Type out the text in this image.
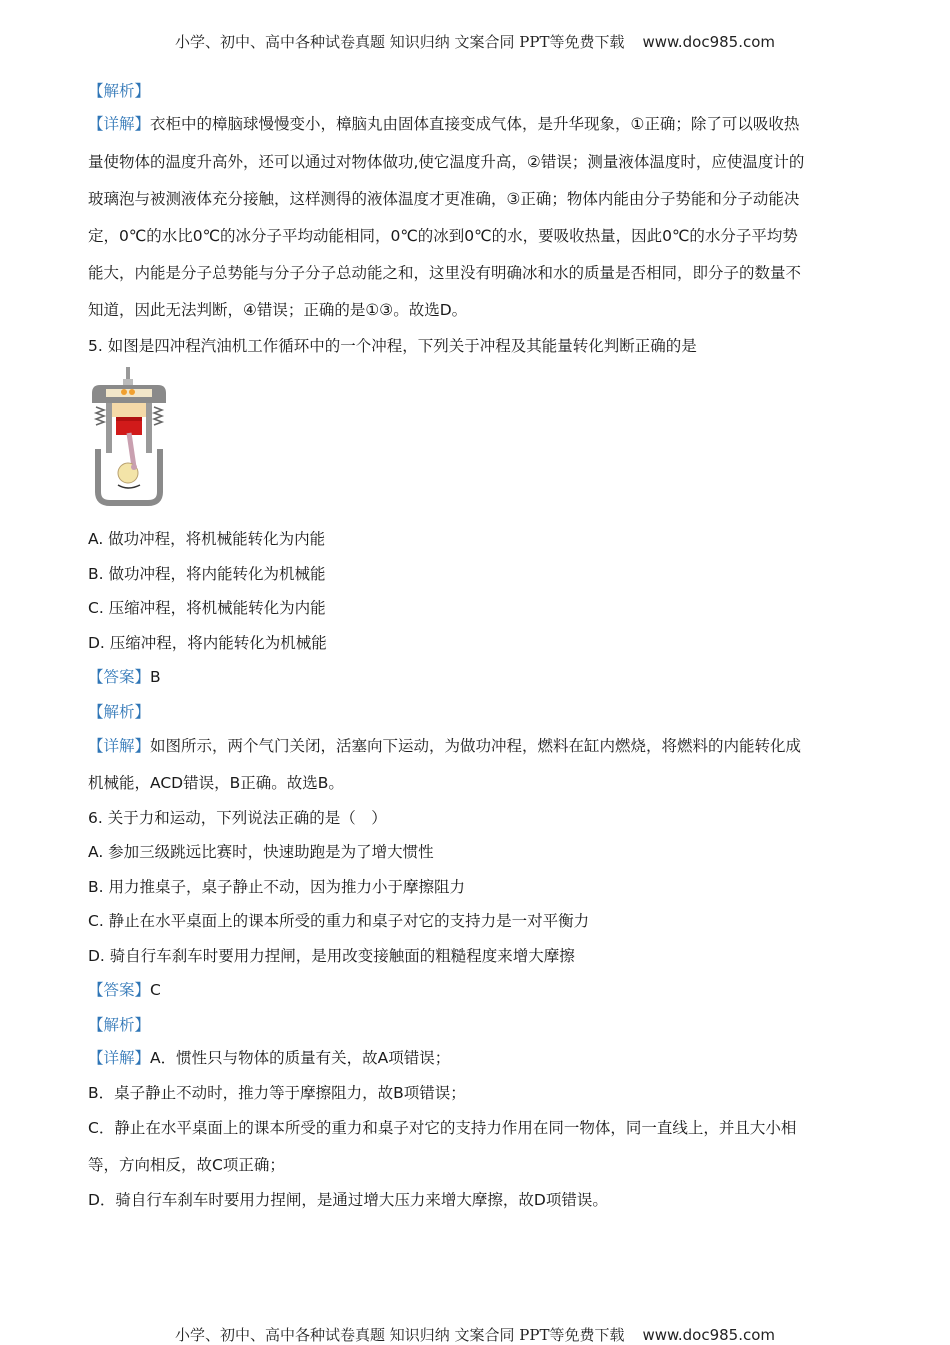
小学、初中、高中各种试卷真题 知识归纳 文案合同 PPT等免费下载 www.doc985.com
【解析】
【详解】衣柜中的樟脑球慢慢变小，樟脑丸由固体直接变成气体，是升华现象，①正确；除了可以吸收热
量使物体的温度升高外，还可以通过对物体做功,使它温度升高，②错误；测量液体温度时，应使温度计的
玻璃泡与被测液体充分接触，这样测得的液体温度才更准确，③正确；物体内能由分子势能和分子动能决
定，0℃的水比0℃的冰分子平均动能相同，0℃的冰到0℃的水，要吸收热量，因此0℃的水分子平均势
能大，内能是分子总势能与分子分子总动能之和，这里没有明确冰和水的质量是否相同，即分子的数量不
知道，因此无法判断，④错误；正确的是①③。故选D。
5. 如图是四冲程汽油机工作循环中的一个冲程，下列关于冲程及其能量转化判断正确的是
A. 做功冲程，将机械能转化为内能
B. 做功冲程，将内能转化为机械能
C. 压缩冲程，将机械能转化为内能
D. 压缩冲程，将内能转化为机械能
【答案】B
【解析】
【详解】如图所示，两个气门关闭，活塞向下运动，为做功冲程，燃料在缸内燃烧，将燃料的内能转化成
机械能，ACD错误，B正确。故选B。
6. 关于力和运动，下列说法正确的是（　）
A. 参加三级跳远比赛时，快速助跑是为了增大惯性
B. 用力推桌子，桌子静止不动，因为推力小于摩擦阻力
C. 静止在水平桌面上的课本所受的重力和桌子对它的支持力是一对平衡力
D. 骑自行车刹车时要用力捏闸，是用改变接触面的粗糙程度来增大摩擦
【答案】C
【解析】
【详解】A．惯性只与物体的质量有关，故A项错误；
B．桌子静止不动时，推力等于摩擦阻力，故B项错误；
C．静止在水平桌面上的课本所受的重力和桌子对它的支持力作用在同一物体，同一直线上，并且大小相
等，方向相反，故C项正确；
D．骑自行车刹车时要用力捏闸，是通过增大压力来增大摩擦，故D项错误。
小学、初中、高中各种试卷真题 知识归纳 文案合同 PPT等免费下载 www.doc985.com
